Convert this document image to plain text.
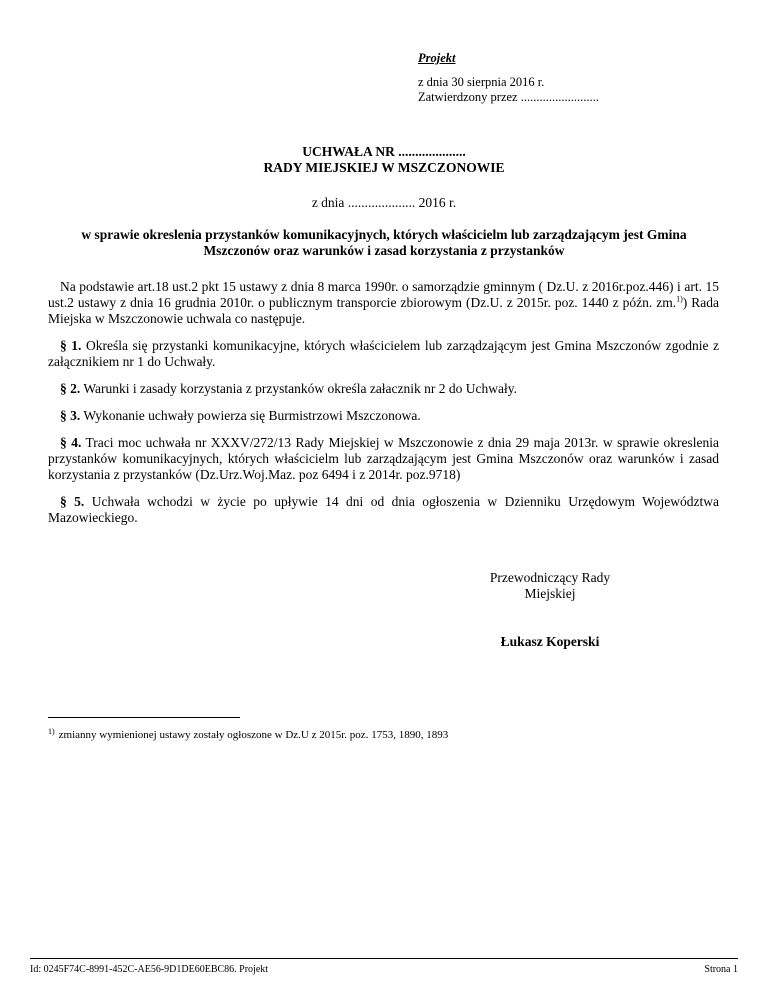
Projekt
z dnia 30 sierpnia 2016 r.
Zatwierdzony przez .........................
UCHWAŁA NR ....................
RADY MIEJSKIEJ W MSZCZONOWIE
z dnia .................... 2016 r.
w sprawie okreslenia przystanków komunikacyjnych, których właścicielm lub zarządzającym jest Gmina Mszczonów oraz warunków i zasad korzystania z przystanków

Na podstawie art.18 ust.2 pkt 15 ustawy z dnia 8 marca 1990r. o samorządzie gminnym ( Dz.U. z 2016r.poz.446) i art. 15 ust.2 ustawy z dnia 16 grudnia 2010r. o publicznym transporcie zbiorowym (Dz.U. z 2015r. poz. 1440 z późn. zm.$^{1)}$) Rada Miejska w Mszczonowie uchwala co następuje.

§ 1. Określa się przystanki komunikacyjne, których właścicielem lub zarządzającym jest Gmina Mszczonów zgodnie z załącznikiem nr 1 do Uchwały.

§ 2. Warunki i zasady korzystania z przystanków określa załacznik nr 2 do Uchwały.

§ 3. Wykonanie uchwały powierza się Burmistrzowi Mszczonowa.

§ 4. Traci moc uchwała nr XXXV/272/13 Rady Miejskiej w Mszczonowie z dnia 29 maja 2013r. w sprawie okreslenia przystanków komunikacyjnych, których właścicielm lub zarządzającym jest Gmina Mszczonów oraz warunków i zasad korzystania z przystanków (Dz.Urz.Woj.Maz. poz 6494 i z 2014r. poz.9718)

§ 5. Uchwała wchodzi w życie po upływie 14 dni od dnia ogłoszenia w Dzienniku Urzędowym Województwa Mazowieckiego.

Przewodniczący Rady
Miejskiej
Łukasz Koperski
$^{1)}$ zmianny wymienionej ustawy zostały ogłoszone w Dz.U z 2015r. poz. 1753, 1890, 1893
Id: 0245F74C-8991-452C-AE56-9D1DE60EBC86. Projekt	Strona 1
